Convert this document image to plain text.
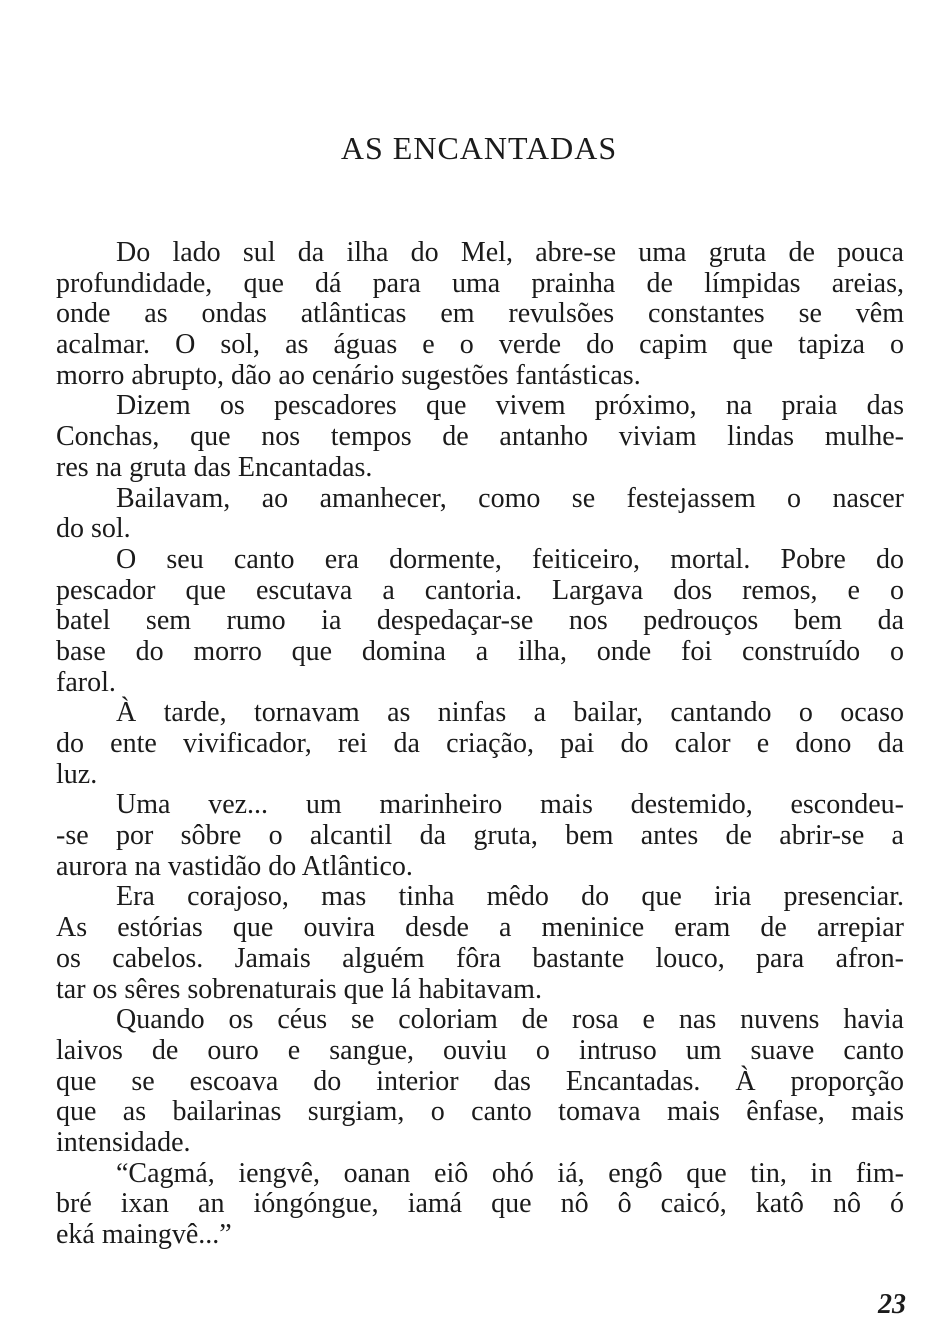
AS ENCANTADAS
Do lado sul da ilha do Mel, abre-se uma gruta de pouca
profundidade, que dá para uma prainha de límpidas areias,
onde as ondas atlânticas em revulsões constantes se vêm
acalmar. O sol, as águas e o verde do capim que tapiza o
morro abrupto, dão ao cenário sugestões fantásticas.
Dizem os pescadores que vivem próximo, na praia das
Conchas, que nos tempos de antanho viviam lindas mulhe-
res na gruta das Encantadas.
Bailavam, ao amanhecer, como se festejassem o nascer
do sol.
O seu canto era dormente, feiticeiro, mortal. Pobre do
pescador que escutava a cantoria. Largava dos remos, e o
batel sem rumo ia despedaçar-se nos pedrouços bem da
base do morro que domina a ilha, onde foi construído o
farol.
À tarde, tornavam as ninfas a bailar, cantando o ocaso
do ente vivificador, rei da criação, pai do calor e dono da
luz.
Uma vez... um marinheiro mais destemido, escondeu-
-se por sôbre o alcantil da gruta, bem antes de abrir-se a
aurora na vastidão do Atlântico.
Era corajoso, mas tinha mêdo do que iria presenciar.
As estórias que ouvira desde a meninice eram de arrepiar
os cabelos. Jamais alguém fôra bastante louco, para afron-
tar os sêres sobrenaturais que lá habitavam.
Quando os céus se coloriam de rosa e nas nuvens havia
laivos de ouro e sangue, ouviu o intruso um suave canto
que se escoava do interior das Encantadas. À proporção
que as bailarinas surgiam, o canto tomava mais ênfase, mais
intensidade.
“Cagmá, iengvê, oanan eiô ohó iá, engô que tin, in fim-
bré ixan an ióngóngue, iamá que nô ô caicó, katô nô ó
eká maingvê...”
23
